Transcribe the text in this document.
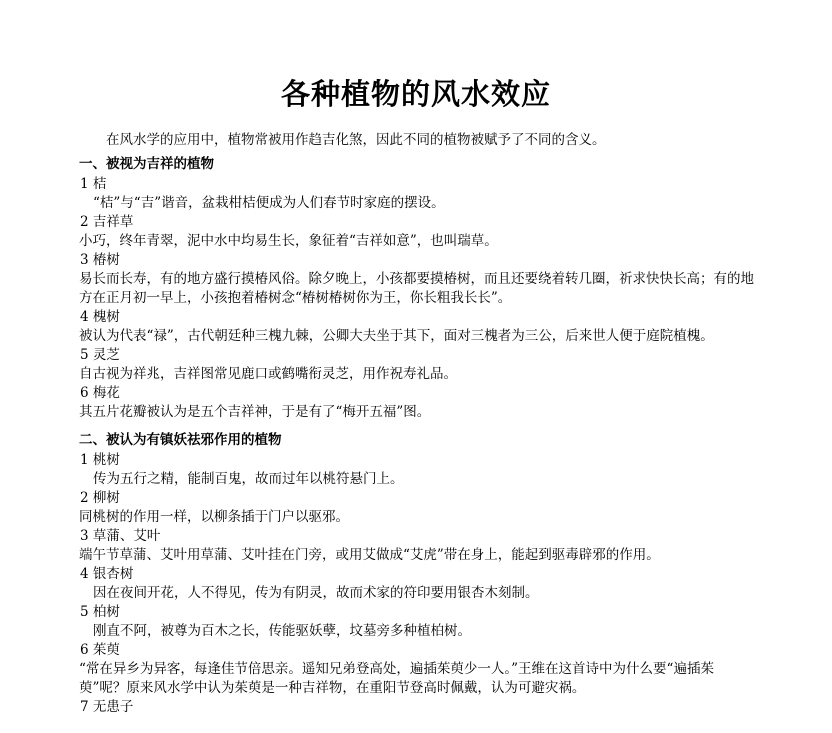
各种植物的风水效应

在风水学的应用中，植物常被用作趋吉化煞，因此不同的植物被赋予了不同的含义。

一、被视为吉祥的植物
1 桔
“桔”与“吉”谐音，盆栽柑桔便成为人们春节时家庭的摆设。
2 吉祥草
小巧，终年青翠，泥中水中均易生长，象征着“吉祥如意”，也叫瑞草。
3 椿树
易长而长寿，有的地方盛行摸椿风俗。除夕晚上，小孩都要摸椿树，而且还要绕着转几圈，祈求快快长高；有的地方在正月初一早上，小孩抱着椿树念“椿树椿树你为王，你长粗我长长”。
4 槐树
被认为代表“禄”，古代朝廷种三槐九棘，公卿大夫坐于其下，面对三槐者为三公，后来世人便于庭院植槐。
5 灵芝
自古视为祥兆，吉祥图常见鹿口或鹤嘴衔灵芝，用作祝寿礼品。
6 梅花
其五片花瓣被认为是五个吉祥神，于是有了“梅开五福”图。
二、被认为有镇妖祛邪作用的植物
1 桃树
传为五行之精，能制百鬼，故而过年以桃符悬门上。
2 柳树
同桃树的作用一样，以柳条插于门户以驱邪。
3 草蒲、艾叶
端午节草蒲、艾叶用草蒲、艾叶挂在门旁，或用艾做成“艾虎”带在身上，能起到驱毒辟邪的作用。
4 银杏树
因在夜间开花，人不得见，传为有阴灵，故而术家的符印要用银杏木刻制。
5 柏树
刚直不阿，被尊为百木之长，传能驱妖孽，坟墓旁多种植柏树。
6 茱萸
“常在异乡为异客，每逢佳节倍思亲。遥知兄弟登高处，遍插茱萸少一人。”王维在这首诗中为什么要“遍插茱萸”呢？原来风水学中认为茱萸是一种吉祥物，在重阳节登高时佩戴，认为可避灾祸。
7 无患子
